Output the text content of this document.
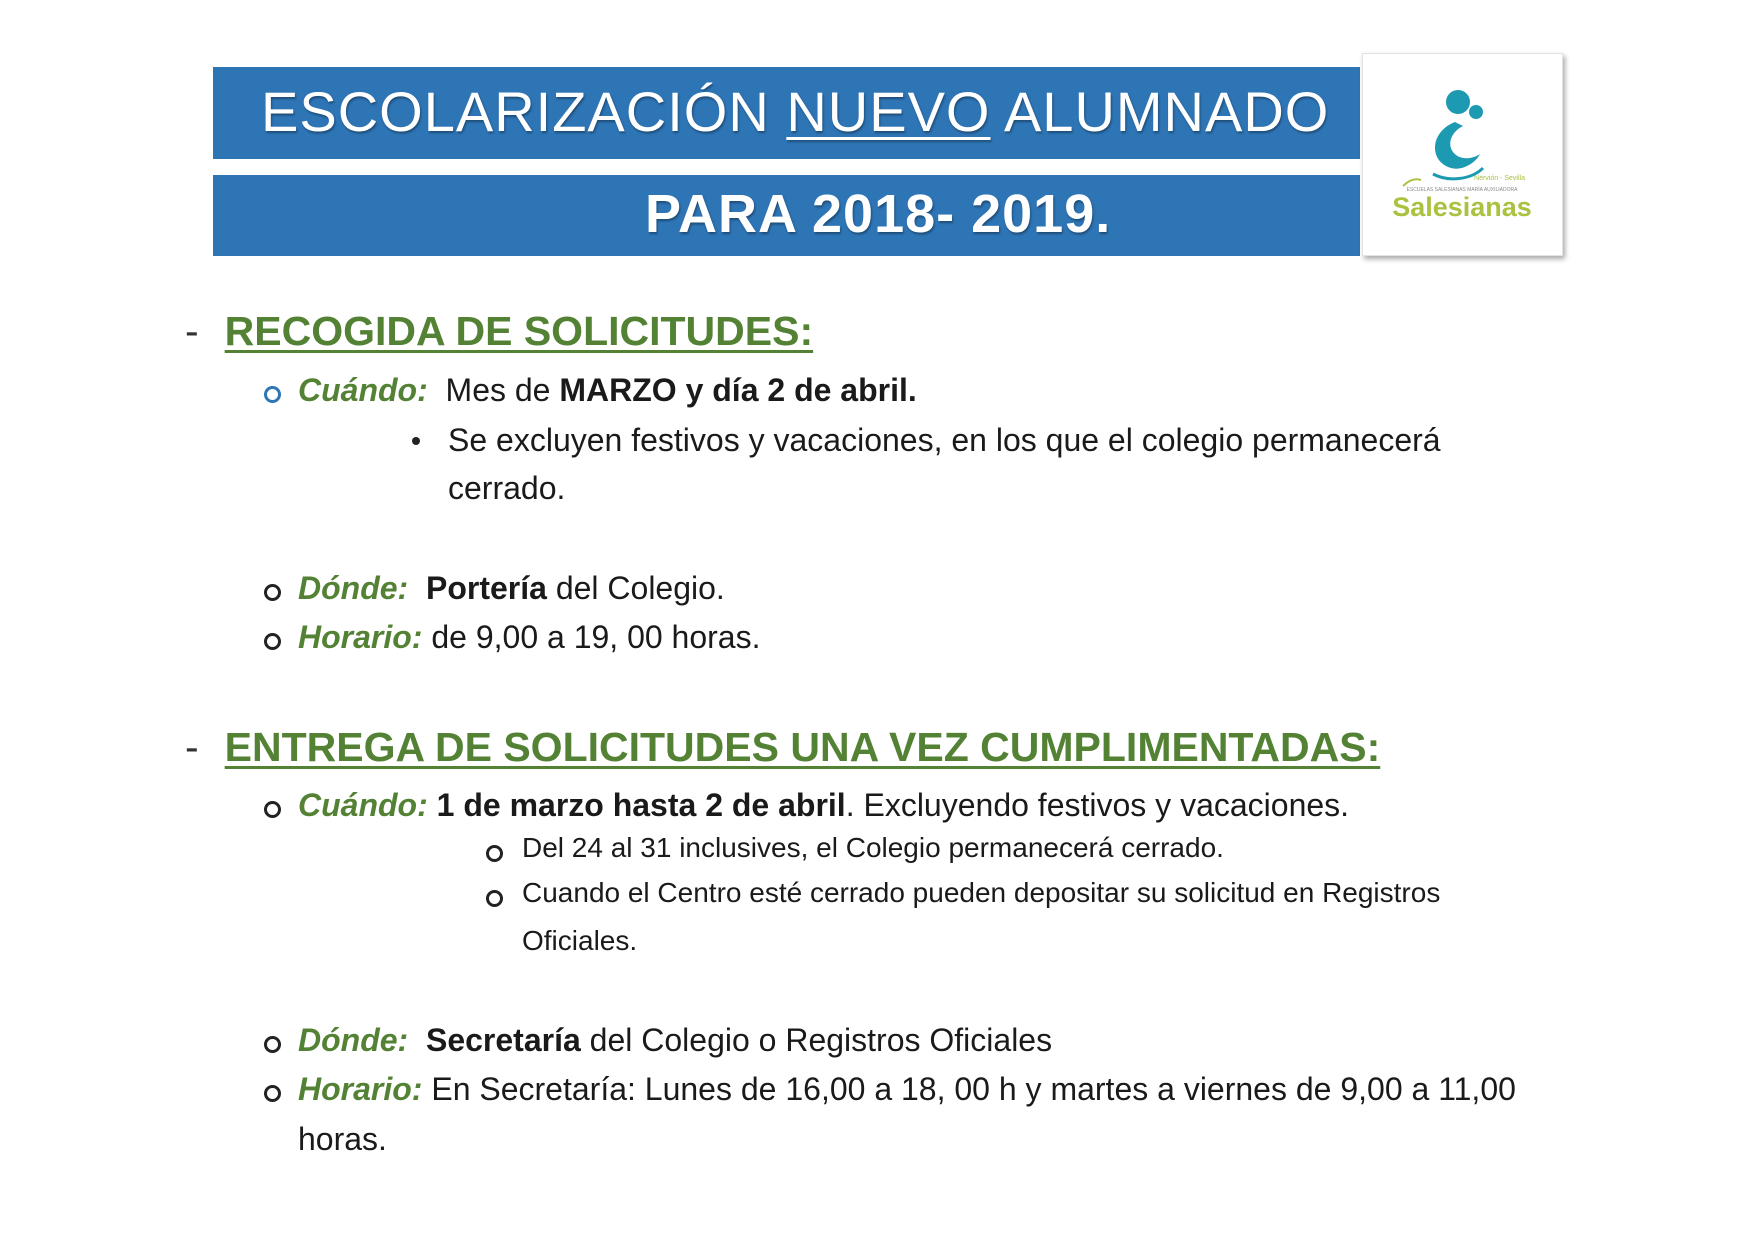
ESCOLARIZACIÓN NUEVO ALUMNADO
PARA 2018- 2019.
Nervión - Sevilla
ESCUELAS SALESIANAS MARÍA AUXILIADORA
Salesianas
- RECOGIDA DE SOLICITUDES:
Cuándo: Mes de MARZO y día 2 de abril.
Se excluyen festivos y vacaciones, en los que el colegio permanecerá
cerrado.
Dónde: Portería del Colegio.
Horario: de 9,00 a 19, 00 horas.
- ENTREGA DE SOLICITUDES UNA VEZ CUMPLIMENTADAS:
Cuándo: 1 de marzo hasta 2 de abril. Excluyendo festivos y vacaciones.
Del 24 al 31 inclusives, el Colegio permanecerá cerrado.
Cuando el Centro esté cerrado pueden depositar su solicitud en Registros
Oficiales.
Dónde: Secretaría del Colegio o Registros Oficiales
Horario: En Secretaría: Lunes de 16,00 a 18, 00 h y martes a viernes de 9,00 a 11,00
horas.
